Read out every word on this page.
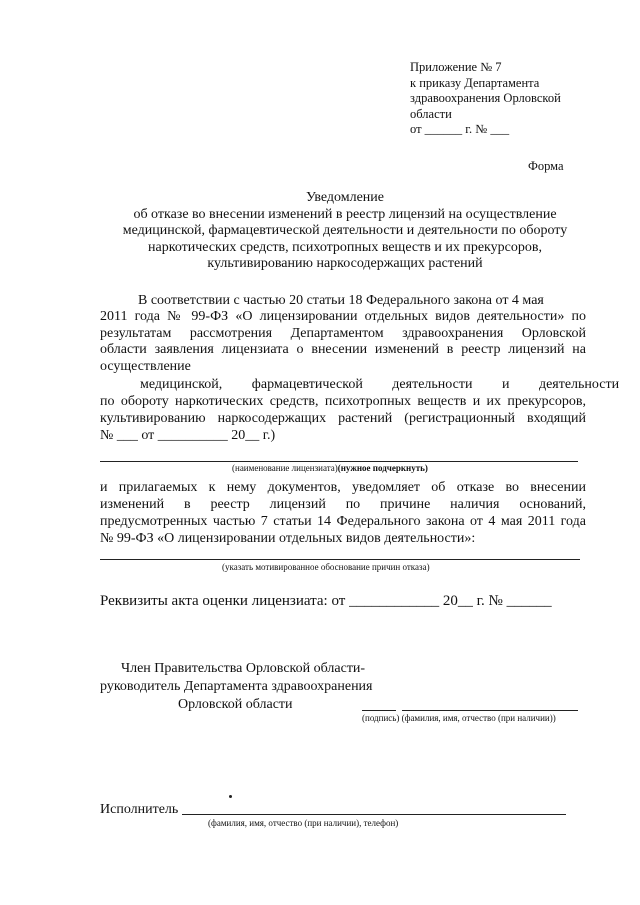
Приложение № 7
к приказу Департамента
здравоохранения Орловской
области
от ______ г. № ___
Форма
Уведомление
об отказе во внесении изменений в реестр лицензий на осуществление
медицинской, фармацевтической деятельности и деятельности по обороту
наркотических средств, психотропных веществ и их прекурсоров,
культивированию наркосодержащих растений
В соответствии с частью 20 статьи 18 Федерального закона от 4 мая
2011 года № 99-ФЗ «О лицензировании отдельных видов деятельности» по
результатам рассмотрения Департаментом здравоохранения Орловской
области заявления лицензиата о внесении изменений в реестр лицензий на
осуществление
медицинской, фармацевтической деятельности и деятельности
по обороту наркотических средств, психотропных веществ и их прекурсоров,
культивированию наркосодержащих растений (регистрационный входящий
№ ___ от __________ 20__ г.)
(наименование лицензиата)(нужное подчеркнуть)
и прилагаемых к нему документов, уведомляет об отказе во внесении
изменений в реестр лицензий по причине наличия оснований,
предусмотренных частью 7 статьи 14 Федерального закона от 4 мая 2011 года
№ 99-ФЗ «О лицензировании отдельных видов деятельности»:
(указать мотивированное обоснование причин отказа)
Реквизиты акта оценки лицензиата: от ____________ 20__ г. № ______
Член Правительства Орловской области-
руководитель Департамента здравоохранения
Орловской области
(подпись) (фамилия, имя, отчество (при наличии))
Исполнитель
(фамилия, имя, отчество (при наличии), телефон)
